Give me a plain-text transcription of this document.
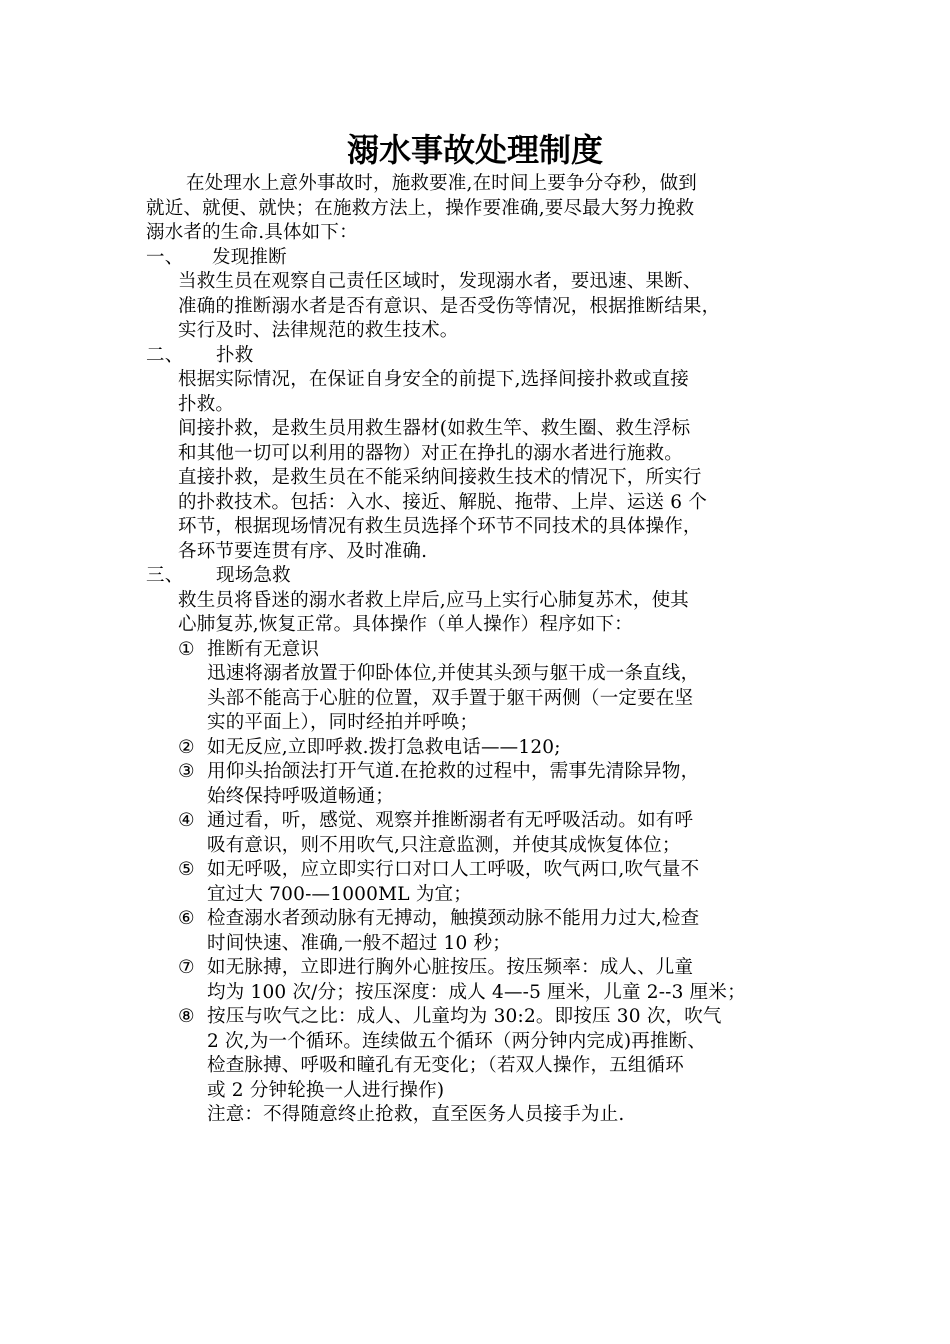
溺水事故处理制度
在处理水上意外事故时，施救要准,在时间上要争分夺秒，做到
就近、就便、就快；在施救方法上，操作要准确,要尽最大努力挽救
溺水者的生命.具体如下：
一、 发现推断
当救生员在观察自己责任区域时，发现溺水者，要迅速、果断、
准确的推断溺水者是否有意识、是否受伤等情况，根据推断结果，
实行及时、法律规范的救生技术。
二、 扑救
根据实际情况，在保证自身安全的前提下,选择间接扑救或直接
扑救。
间接扑救，是救生员用救生器材(如救生竿、救生圈、救生浮标
和其他一切可以利用的器物）对正在挣扎的溺水者进行施救。
直接扑救，是救生员在不能采纳间接救生技术的情况下，所实行
的扑救技术。包括：入水、接近、解脱、拖带、上岸、运送 6 个
环节，根据现场情况有救生员选择个环节不同技术的具体操作，
各环节要连贯有序、及时准确.
三、 现场急救
救生员将昏迷的溺水者救上岸后,应马上实行心肺复苏术，使其
心肺复苏,恢复正常。具体操作（单人操作）程序如下：
① 推断有无意识
迅速将溺者放置于仰卧体位,并使其头颈与躯干成一条直线，
头部不能高于心脏的位置，双手置于躯干两侧（一定要在坚
实的平面上），同时经拍并呼唤；
② 如无反应,立即呼救.拨打急救电话——120;
③ 用仰头抬颌法打开气道.在抢救的过程中，需事先清除异物，
始终保持呼吸道畅通；
④ 通过看，听，感觉、观察并推断溺者有无呼吸活动。如有呼
吸有意识，则不用吹气,只注意监测，并使其成恢复体位；
⑤ 如无呼吸，应立即实行口对口人工呼吸，吹气两口,吹气量不
宜过大 700-—1000ML 为宜；
⑥ 检查溺水者颈动脉有无搏动，触摸颈动脉不能用力过大,检查
时间快速、准确,一般不超过 10 秒；
⑦ 如无脉搏，立即进行胸外心脏按压。按压频率：成人、儿童
均为 100 次/分；按压深度：成人 4—-5 厘米，儿童 2--3 厘米；
⑧ 按压与吹气之比：成人、儿童均为 30:2。即按压 30 次，吹气
2 次,为一个循环。连续做五个循环（两分钟内完成)再推断、
检查脉搏、呼吸和瞳孔有无变化；（若双人操作，五组循环
或 2 分钟轮换一人进行操作)
注意：不得随意终止抢救，直至医务人员接手为止.
